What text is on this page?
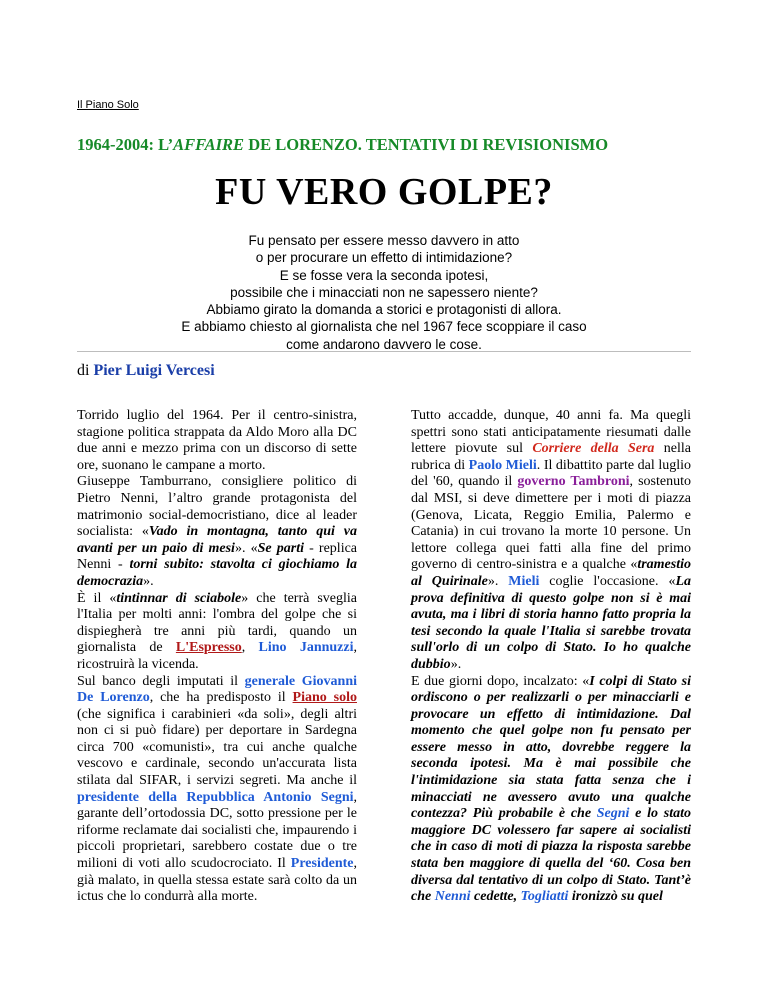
Il Piano Solo
1964-2004: L’AFFAIRE DE LORENZO. TENTATIVI DI REVISIONISMO
FU VERO GOLPE?
Fu pensato per essere messo davvero in atto
o per procurare un effetto di intimidazione?
E se fosse vera la seconda ipotesi,
possibile che i minacciati non ne sapessero niente?
Abbiamo girato la domanda a storici e protagonisti di allora.
E abbiamo chiesto al giornalista che nel 1967 fece scoppiare il caso
come andarono davvero le cose.
di Pier Luigi Vercesi

Torrido luglio del 1964. Per il centro-sinistra, stagione politica strappata da Aldo Moro alla DC due anni e mezzo prima con un discorso di sette ore, suonano le campane a morto.

Giuseppe Tamburrano, consigliere politico di Pietro Nenni, l’altro grande protagonista del matrimonio social-democristiano, dice al leader socialista: «Vado in montagna, tanto qui va avanti per un paio di mesi». «Se parti - replica Nenni - torni subito: stavolta ci giochiamo la democrazia».

È il «tintinnar di sciabole» che terrà sveglia l'Italia per molti anni: l'ombra del golpe che si dispiegherà tre anni più tardi, quando un giornalista de L'Espresso, Lino Jannuzzi, ricostruirà la vicenda.

Sul banco degli imputati il generale Giovanni De Lorenzo, che ha predisposto il Piano solo (che significa i carabinieri «da soli», degli altri non ci si può fidare) per deportare in Sardegna circa 700 «comunisti», tra cui anche qualche vescovo e cardinale, secondo un'accurata lista stilata dal SIFAR, i servizi segreti. Ma anche il presidente della Repubblica Antonio Segni, garante dell’ortodossia DC, sotto pressione per le riforme reclamate dai socialisti che, impaurendo i piccoli proprietari, sarebbero costate due o tre milioni di voti allo scudocrociato. Il Presidente, già malato, in quella stessa estate sarà colto da un ictus che lo condurrà alla morte.

Tutto accadde, dunque, 40 anni fa. Ma quegli spettri sono stati anticipatamente riesumati dalle lettere piovute sul Corriere della Sera nella rubrica di Paolo Mieli. Il dibattito parte dal luglio del '60, quando il governo Tambroni, sostenuto dal MSI, si deve dimettere per i moti di piazza (Genova, Licata, Reggio Emilia, Palermo e Catania) in cui trovano la morte 10 persone. Un lettore collega quei fatti alla fine del primo governo di centro-sinistra e a qualche «tramestio al Quirinale». Mieli coglie l'occasione. «La prova definitiva di questo golpe non si è mai avuta, ma i libri di storia hanno fatto propria la tesi secondo la quale l'Italia si sarebbe trovata sull'orlo di un colpo di Stato. Io ho qualche dubbio».

E due giorni dopo, incalzato: «I colpi di Stato si ordiscono o per realizzarli o per minacciarli e provocare un effetto di intimidazione. Dal momento che quel golpe non fu pensato per essere messo in atto, dovrebbe reggere la seconda ipotesi. Ma è mai possibile che l'intimidazione sia stata fatta senza che i minacciati ne avessero avuto una qualche contezza? Più probabile è che Segni e lo stato maggiore DC volessero far sapere ai socialisti che in caso di moti di piazza la risposta sarebbe stata ben maggiore di quella del ‘60. Cosa ben diversa dal tentativo di un colpo di Stato. Tant’è che Nenni cedette, Togliatti ironizzò su quel
